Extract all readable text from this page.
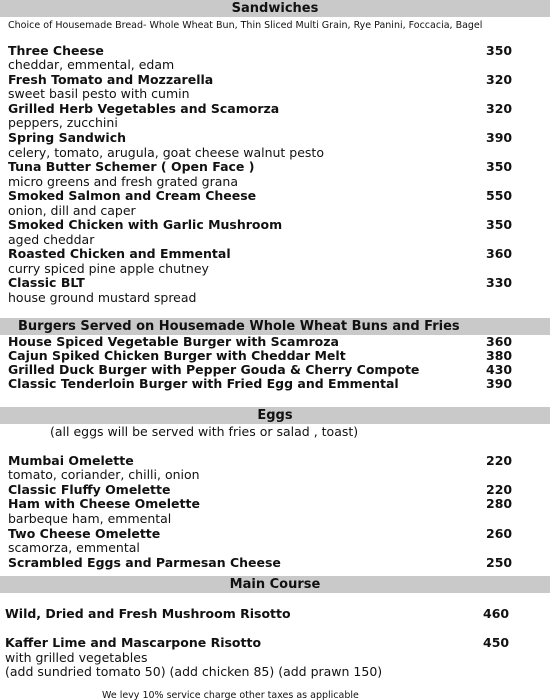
Sandwiches
Choice of Housemade Bread- Whole Wheat Bun, Thin Sliced Multi Grain, Rye Panini, Foccacia, Bagel
Three Cheese
cheddar, emmental, edam
350
Fresh Tomato and Mozzarella
sweet basil pesto with cumin
320
Grilled Herb Vegetables and Scamorza
peppers, zucchini
320
Spring Sandwich
celery, tomato, arugula, goat cheese walnut pesto
390
Tuna Butter Schemer ( Open Face )
micro greens and fresh grated grana
350
Smoked Salmon and Cream Cheese
onion, dill and caper
550
Smoked Chicken with Garlic Mushroom
aged cheddar
350
Roasted Chicken and Emmental
curry spiced pine apple chutney
360
Classic BLT
house ground mustard spread
330
Burgers Served on Housemade Whole Wheat Buns and Fries
House Spiced Vegetable Burger with Scamroza	360
Cajun Spiked Chicken Burger with Cheddar Melt	380
Grilled Duck Burger with Pepper Gouda & Cherry Compote	430
Classic Tenderloin Burger with Fried Egg and Emmental	390
Eggs
(all eggs will be served with fries or salad , toast)
Mumbai Omelette
tomato, coriander, chilli, onion
220
Classic Fluffy Omelette	220
Ham with Cheese Omelette
barbeque ham, emmental
280
Two Cheese Omelette
scamorza, emmental
260
Scrambled Eggs and Parmesan Cheese	250
Main Course
Wild, Dried and Fresh Mushroom Risotto	460
Kaffer Lime and Mascarpone Risotto
with grilled vegetables
(add sundried tomato 50) (add chicken 85) (add prawn 150)
450
We levy 10% service charge other taxes as applicable
